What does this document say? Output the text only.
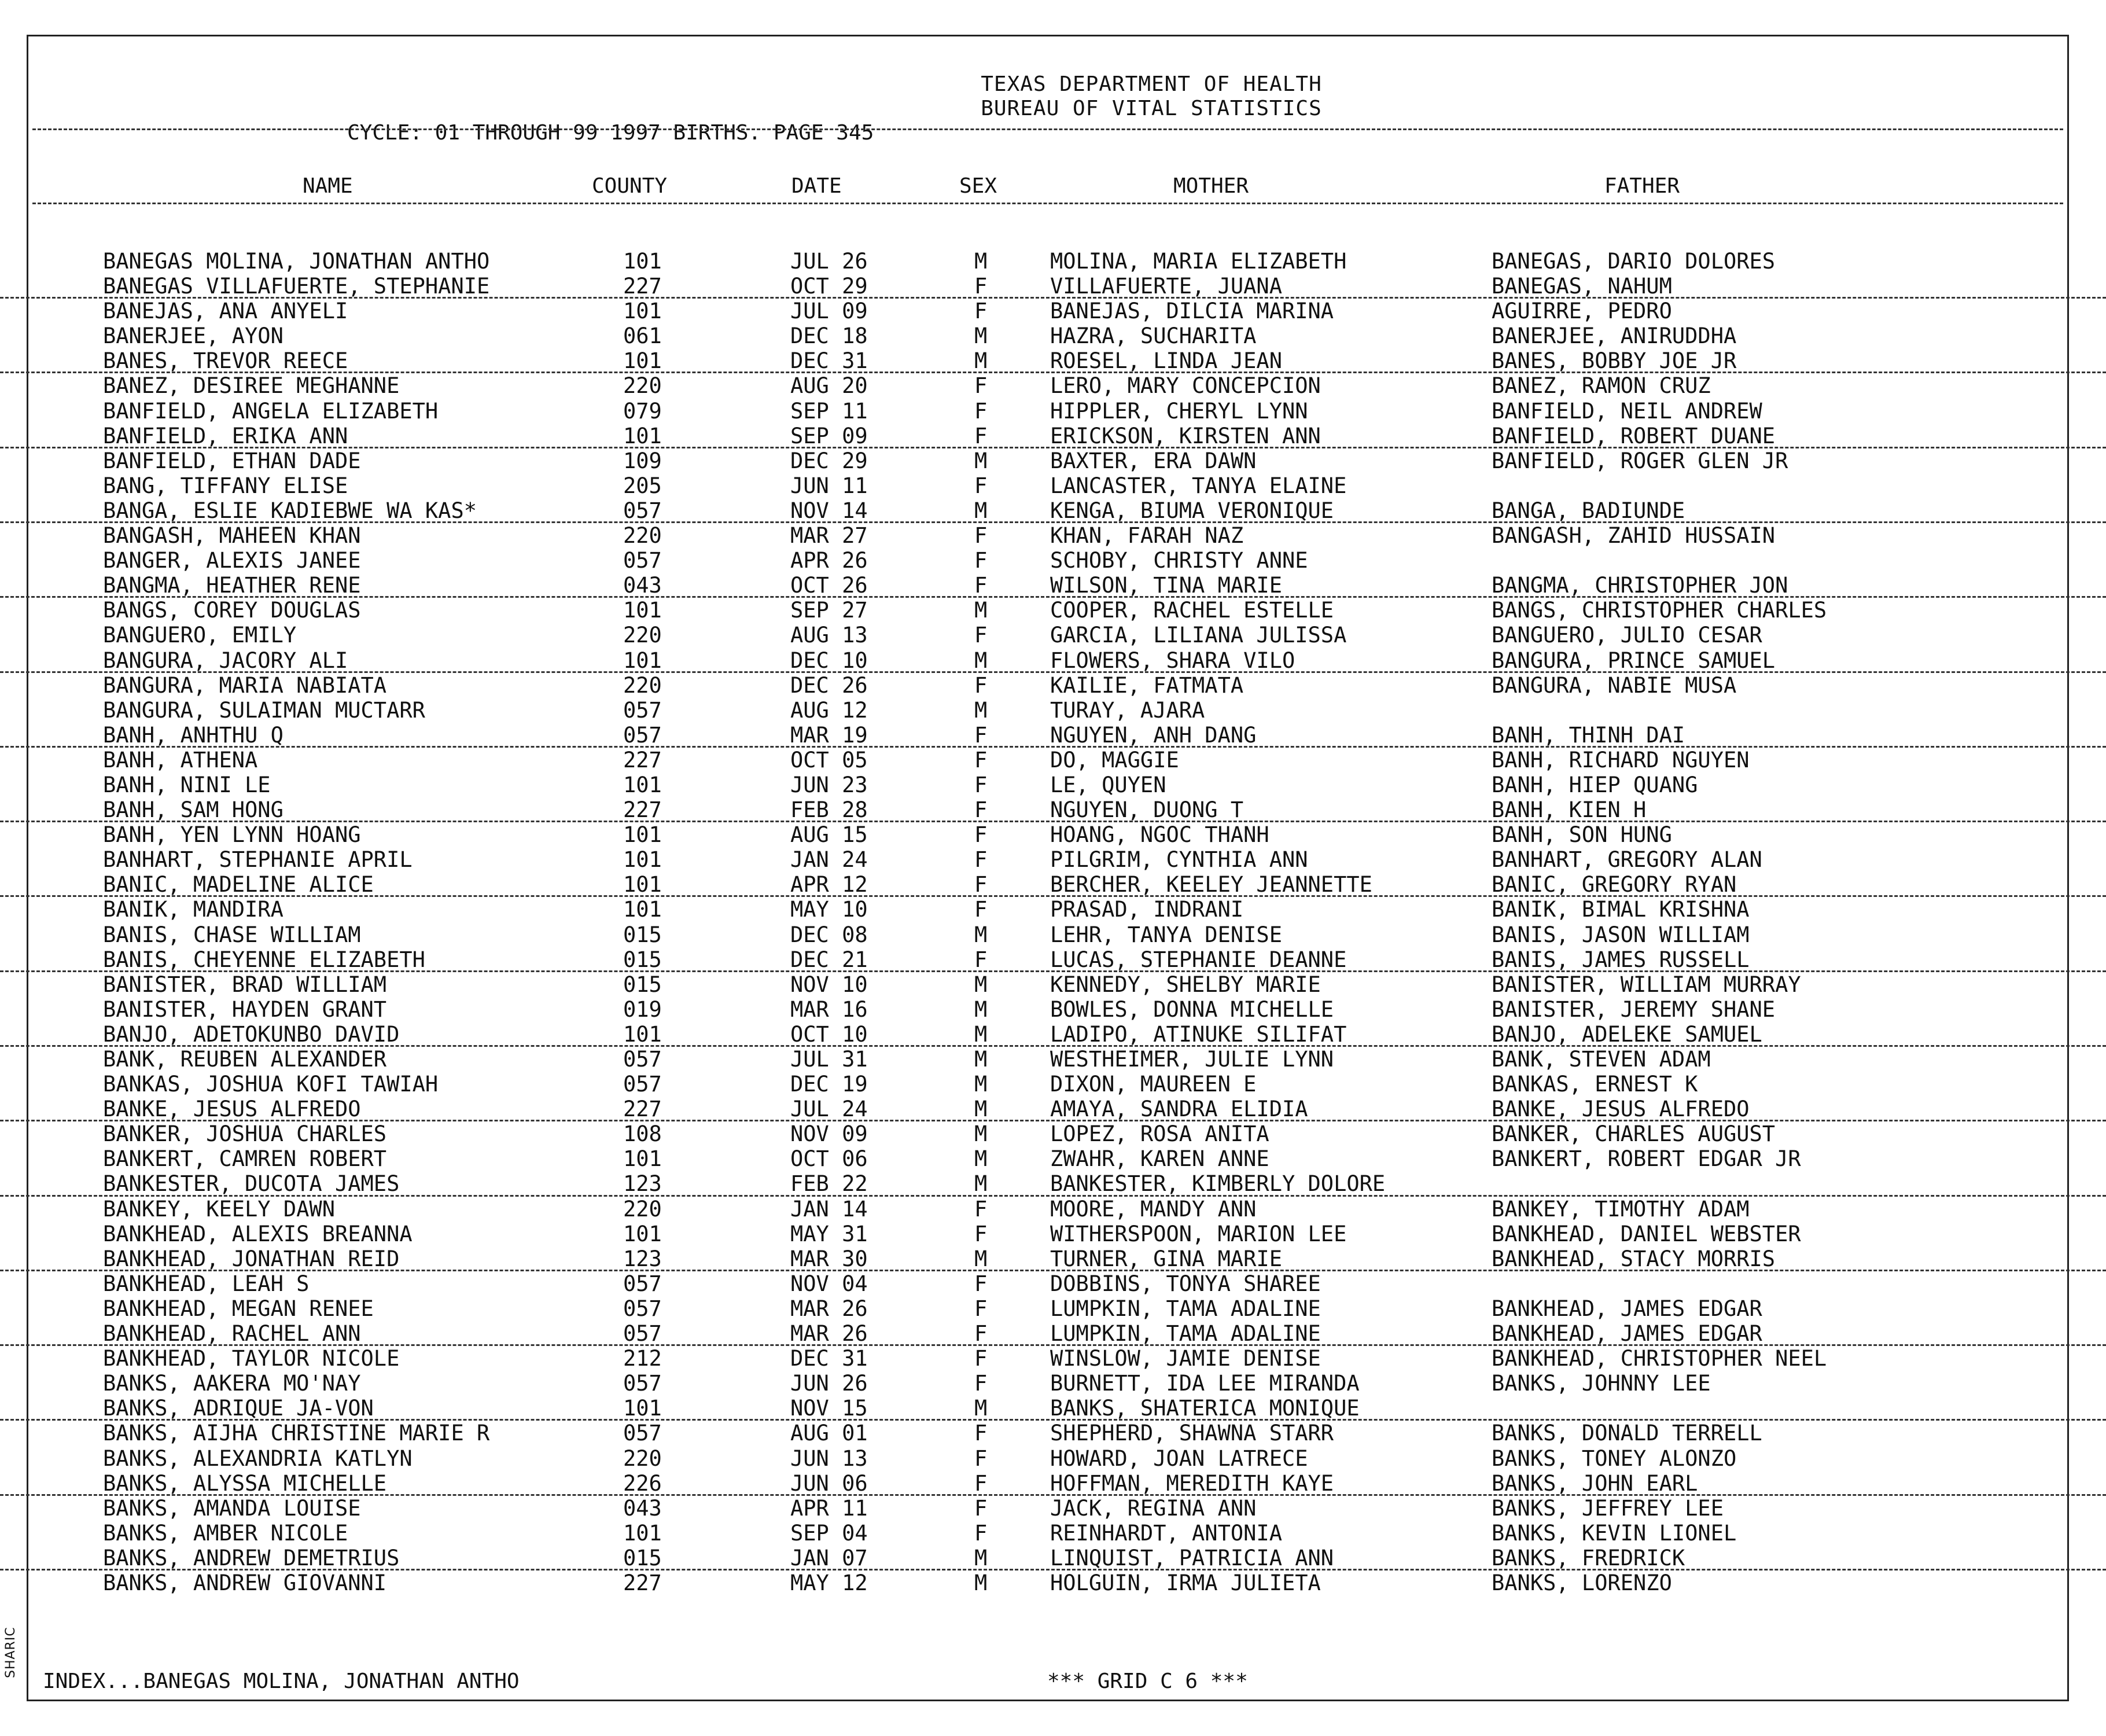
SHARIC
TEXAS DEPARTMENT OF HEALTH
BUREAU OF VITAL STATISTICS
CYCLE: 01 THROUGH 99 1997 BIRTHS. PAGE 345
NAME	COUNTY	DATE	SEX	MOTHER	FATHER
BANEGAS MOLINA, JONATHAN ANTHO	101	JUL 26	M	MOLINA, MARIA ELIZABETH	BANEGAS, DARIO DOLORES
BANEGAS VILLAFUERTE, STEPHANIE	227	OCT 29	F	VILLAFUERTE, JUANA	BANEGAS, NAHUM
BANEJAS, ANA ANYELI	101	JUL 09	F	BANEJAS, DILCIA MARINA	AGUIRRE, PEDRO
BANERJEE, AYON	061	DEC 18	M	HAZRA, SUCHARITA	BANERJEE, ANIRUDDHA
BANES, TREVOR REECE	101	DEC 31	M	ROESEL, LINDA JEAN	BANES, BOBBY JOE JR
BANEZ, DESIREE MEGHANNE	220	AUG 20	F	LERO, MARY CONCEPCION	BANEZ, RAMON CRUZ
BANFIELD, ANGELA ELIZABETH	079	SEP 11	F	HIPPLER, CHERYL LYNN	BANFIELD, NEIL ANDREW
BANFIELD, ERIKA ANN	101	SEP 09	F	ERICKSON, KIRSTEN ANN	BANFIELD, ROBERT DUANE
BANFIELD, ETHAN DADE	109	DEC 29	M	BAXTER, ERA DAWN	BANFIELD, ROGER GLEN JR
BANG, TIFFANY ELISE	205	JUN 11	F	LANCASTER, TANYA ELAINE
BANGA, ESLIE KADIEBWE WA KAS*	057	NOV 14	M	KENGA, BIUMA VERONIQUE	BANGA, BADIUNDE
BANGASH, MAHEEN KHAN	220	MAR 27	F	KHAN, FARAH NAZ	BANGASH, ZAHID HUSSAIN
BANGER, ALEXIS JANEE	057	APR 26	F	SCHOBY, CHRISTY ANNE
BANGMA, HEATHER RENE	043	OCT 26	F	WILSON, TINA MARIE	BANGMA, CHRISTOPHER JON
BANGS, COREY DOUGLAS	101	SEP 27	M	COOPER, RACHEL ESTELLE	BANGS, CHRISTOPHER CHARLES
BANGUERO, EMILY	220	AUG 13	F	GARCIA, LILIANA JULISSA	BANGUERO, JULIO CESAR
BANGURA, JACORY ALI	101	DEC 10	M	FLOWERS, SHARA VILO	BANGURA, PRINCE SAMUEL
BANGURA, MARIA NABIATA	220	DEC 26	F	KAILIE, FATMATA	BANGURA, NABIE MUSA
BANGURA, SULAIMAN MUCTARR	057	AUG 12	M	TURAY, AJARA
BANH, ANHTHU Q	057	MAR 19	F	NGUYEN, ANH DANG	BANH, THINH DAI
BANH, ATHENA	227	OCT 05	F	DO, MAGGIE	BANH, RICHARD NGUYEN
BANH, NINI LE	101	JUN 23	F	LE, QUYEN	BANH, HIEP QUANG
BANH, SAM HONG	227	FEB 28	F	NGUYEN, DUONG T	BANH, KIEN H
BANH, YEN LYNN HOANG	101	AUG 15	F	HOANG, NGOC THANH	BANH, SON HUNG
BANHART, STEPHANIE APRIL	101	JAN 24	F	PILGRIM, CYNTHIA ANN	BANHART, GREGORY ALAN
BANIC, MADELINE ALICE	101	APR 12	F	BERCHER, KEELEY JEANNETTE	BANIC, GREGORY RYAN
BANIK, MANDIRA	101	MAY 10	F	PRASAD, INDRANI	BANIK, BIMAL KRISHNA
BANIS, CHASE WILLIAM	015	DEC 08	M	LEHR, TANYA DENISE	BANIS, JASON WILLIAM
BANIS, CHEYENNE ELIZABETH	015	DEC 21	F	LUCAS, STEPHANIE DEANNE	BANIS, JAMES RUSSELL
BANISTER, BRAD WILLIAM	015	NOV 10	M	KENNEDY, SHELBY MARIE	BANISTER, WILLIAM MURRAY
BANISTER, HAYDEN GRANT	019	MAR 16	M	BOWLES, DONNA MICHELLE	BANISTER, JEREMY SHANE
BANJO, ADETOKUNBO DAVID	101	OCT 10	M	LADIPO, ATINUKE SILIFAT	BANJO, ADELEKE SAMUEL
BANK, REUBEN ALEXANDER	057	JUL 31	M	WESTHEIMER, JULIE LYNN	BANK, STEVEN ADAM
BANKAS, JOSHUA KOFI TAWIAH	057	DEC 19	M	DIXON, MAUREEN E	BANKAS, ERNEST K
BANKE, JESUS ALFREDO	227	JUL 24	M	AMAYA, SANDRA ELIDIA	BANKE, JESUS ALFREDO
BANKER, JOSHUA CHARLES	108	NOV 09	M	LOPEZ, ROSA ANITA	BANKER, CHARLES AUGUST
BANKERT, CAMREN ROBERT	101	OCT 06	M	ZWAHR, KAREN ANNE	BANKERT, ROBERT EDGAR JR
BANKESTER, DUCOTA JAMES	123	FEB 22	M	BANKESTER, KIMBERLY DOLORE
BANKEY, KEELY DAWN	220	JAN 14	F	MOORE, MANDY ANN	BANKEY, TIMOTHY ADAM
BANKHEAD, ALEXIS BREANNA	101	MAY 31	F	WITHERSPOON, MARION LEE	BANKHEAD, DANIEL WEBSTER
BANKHEAD, JONATHAN REID	123	MAR 30	M	TURNER, GINA MARIE	BANKHEAD, STACY MORRIS
BANKHEAD, LEAH S	057	NOV 04	F	DOBBINS, TONYA SHAREE
BANKHEAD, MEGAN RENEE	057	MAR 26	F	LUMPKIN, TAMA ADALINE	BANKHEAD, JAMES EDGAR
BANKHEAD, RACHEL ANN	057	MAR 26	F	LUMPKIN, TAMA ADALINE	BANKHEAD, JAMES EDGAR
BANKHEAD, TAYLOR NICOLE	212	DEC 31	F	WINSLOW, JAMIE DENISE	BANKHEAD, CHRISTOPHER NEEL
BANKS, AAKERA MO'NAY	057	JUN 26	F	BURNETT, IDA LEE MIRANDA	BANKS, JOHNNY LEE
BANKS, ADRIQUE JA-VON	101	NOV 15	M	BANKS, SHATERICA MONIQUE
BANKS, AIJHA CHRISTINE MARIE R	057	AUG 01	F	SHEPHERD, SHAWNA STARR	BANKS, DONALD TERRELL
BANKS, ALEXANDRIA KATLYN	220	JUN 13	F	HOWARD, JOAN LATRECE	BANKS, TONEY ALONZO
BANKS, ALYSSA MICHELLE	226	JUN 06	F	HOFFMAN, MEREDITH KAYE	BANKS, JOHN EARL
BANKS, AMANDA LOUISE	043	APR 11	F	JACK, REGINA ANN	BANKS, JEFFREY LEE
BANKS, AMBER NICOLE	101	SEP 04	F	REINHARDT, ANTONIA	BANKS, KEVIN LIONEL
BANKS, ANDREW DEMETRIUS	015	JAN 07	M	LINQUIST, PATRICIA ANN	BANKS, FREDRICK
BANKS, ANDREW GIOVANNI	227	MAY 12	M	HOLGUIN, IRMA JULIETA	BANKS, LORENZO
INDEX...BANEGAS MOLINA, JONATHAN ANTHO	*** GRID C 6 ***
